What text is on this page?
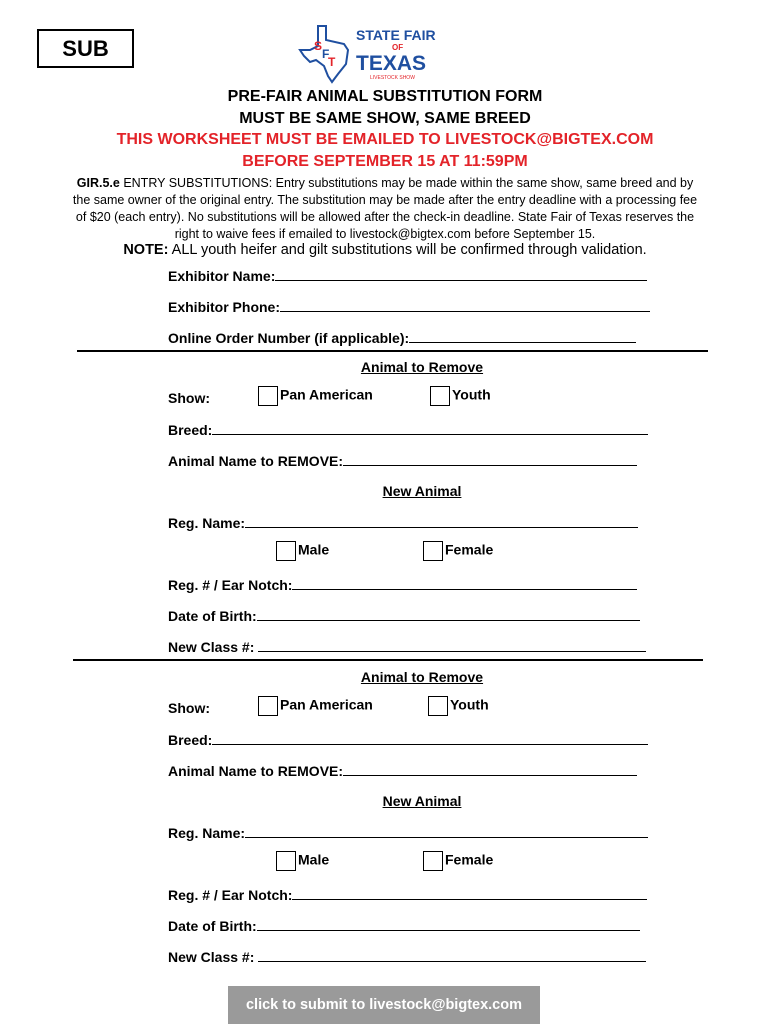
SUB	S
F
T
STATE FAIR
OF
TEXAS
LIVESTOCK SHOW
PRE-FAIR ANIMAL SUBSTITUTION FORM
MUST BE SAME SHOW, SAME BREED
THIS WORKSHEET MUST BE EMAILED TO LIVESTOCK@BIGTEX.COM
BEFORE SEPTEMBER 15 AT 11:59PM
GIR.5.e ENTRY SUBSTITUTIONS: Entry substitutions may be made within the same show, same breed and by
the same owner of the original entry. The substitution may be made after the entry deadline with a processing fee
of $20 (each entry). No substitutions will be allowed after the check-in deadline. State Fair of Texas reserves the
right to waive fees if emailed to livestock@bigtex.com before September 15.
NOTE: ALL youth heifer and gilt substitutions will be confirmed through validation.
Exhibitor Name:
Exhibitor Phone:
Online Order Number (if applicable):
Animal to Remove
Show:	Pan American	Youth
Breed:
Animal Name to REMOVE:
New Animal
Reg. Name:
Male	Female
Reg. # / Ear Notch:
Date of Birth:
New Class #:
Animal to Remove
Show:	Pan American	Youth
Breed:
Animal Name to REMOVE:
New Animal
Reg. Name:
Male	Female
Reg. # / Ear Notch:
Date of Birth:
New Class #:
click to submit to livestock@bigtex.com
